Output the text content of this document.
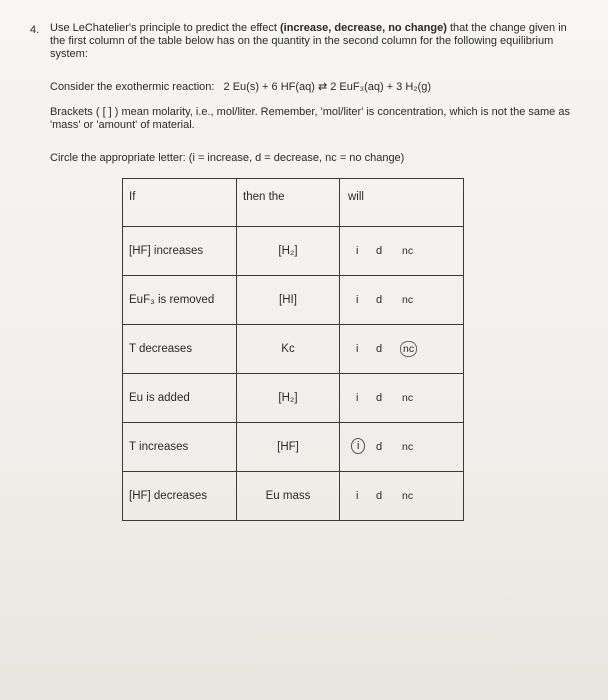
4. Use LeChatelier's principle to predict the effect (increase, decrease, no change) that the change given in the first column of the table below has on the quantity in the second column for the following equilibrium system:
Consider the exothermic reaction: 2 Eu(s) + 6 HF(aq) ⇄ 2 EuF₃(aq) + 3 H₂(g)
Brackets ( [ ] ) mean molarity, i.e., mol/liter. Remember, 'mol/liter' is concentration, which is not the same as 'mass' or 'amount' of material.
Circle the appropriate letter: (i = increase, d = decrease, nc = no change)
If	then the	will

[HF] increases	[H₂]	i d nc

EuF₃ is removed	[HI]	i d nc

T decreases	Kc	i d nc

Eu is added	[H₂]	i d nc

T increases	[HF]	i d nc

[HF] decreases	Eu mass	i d nc
